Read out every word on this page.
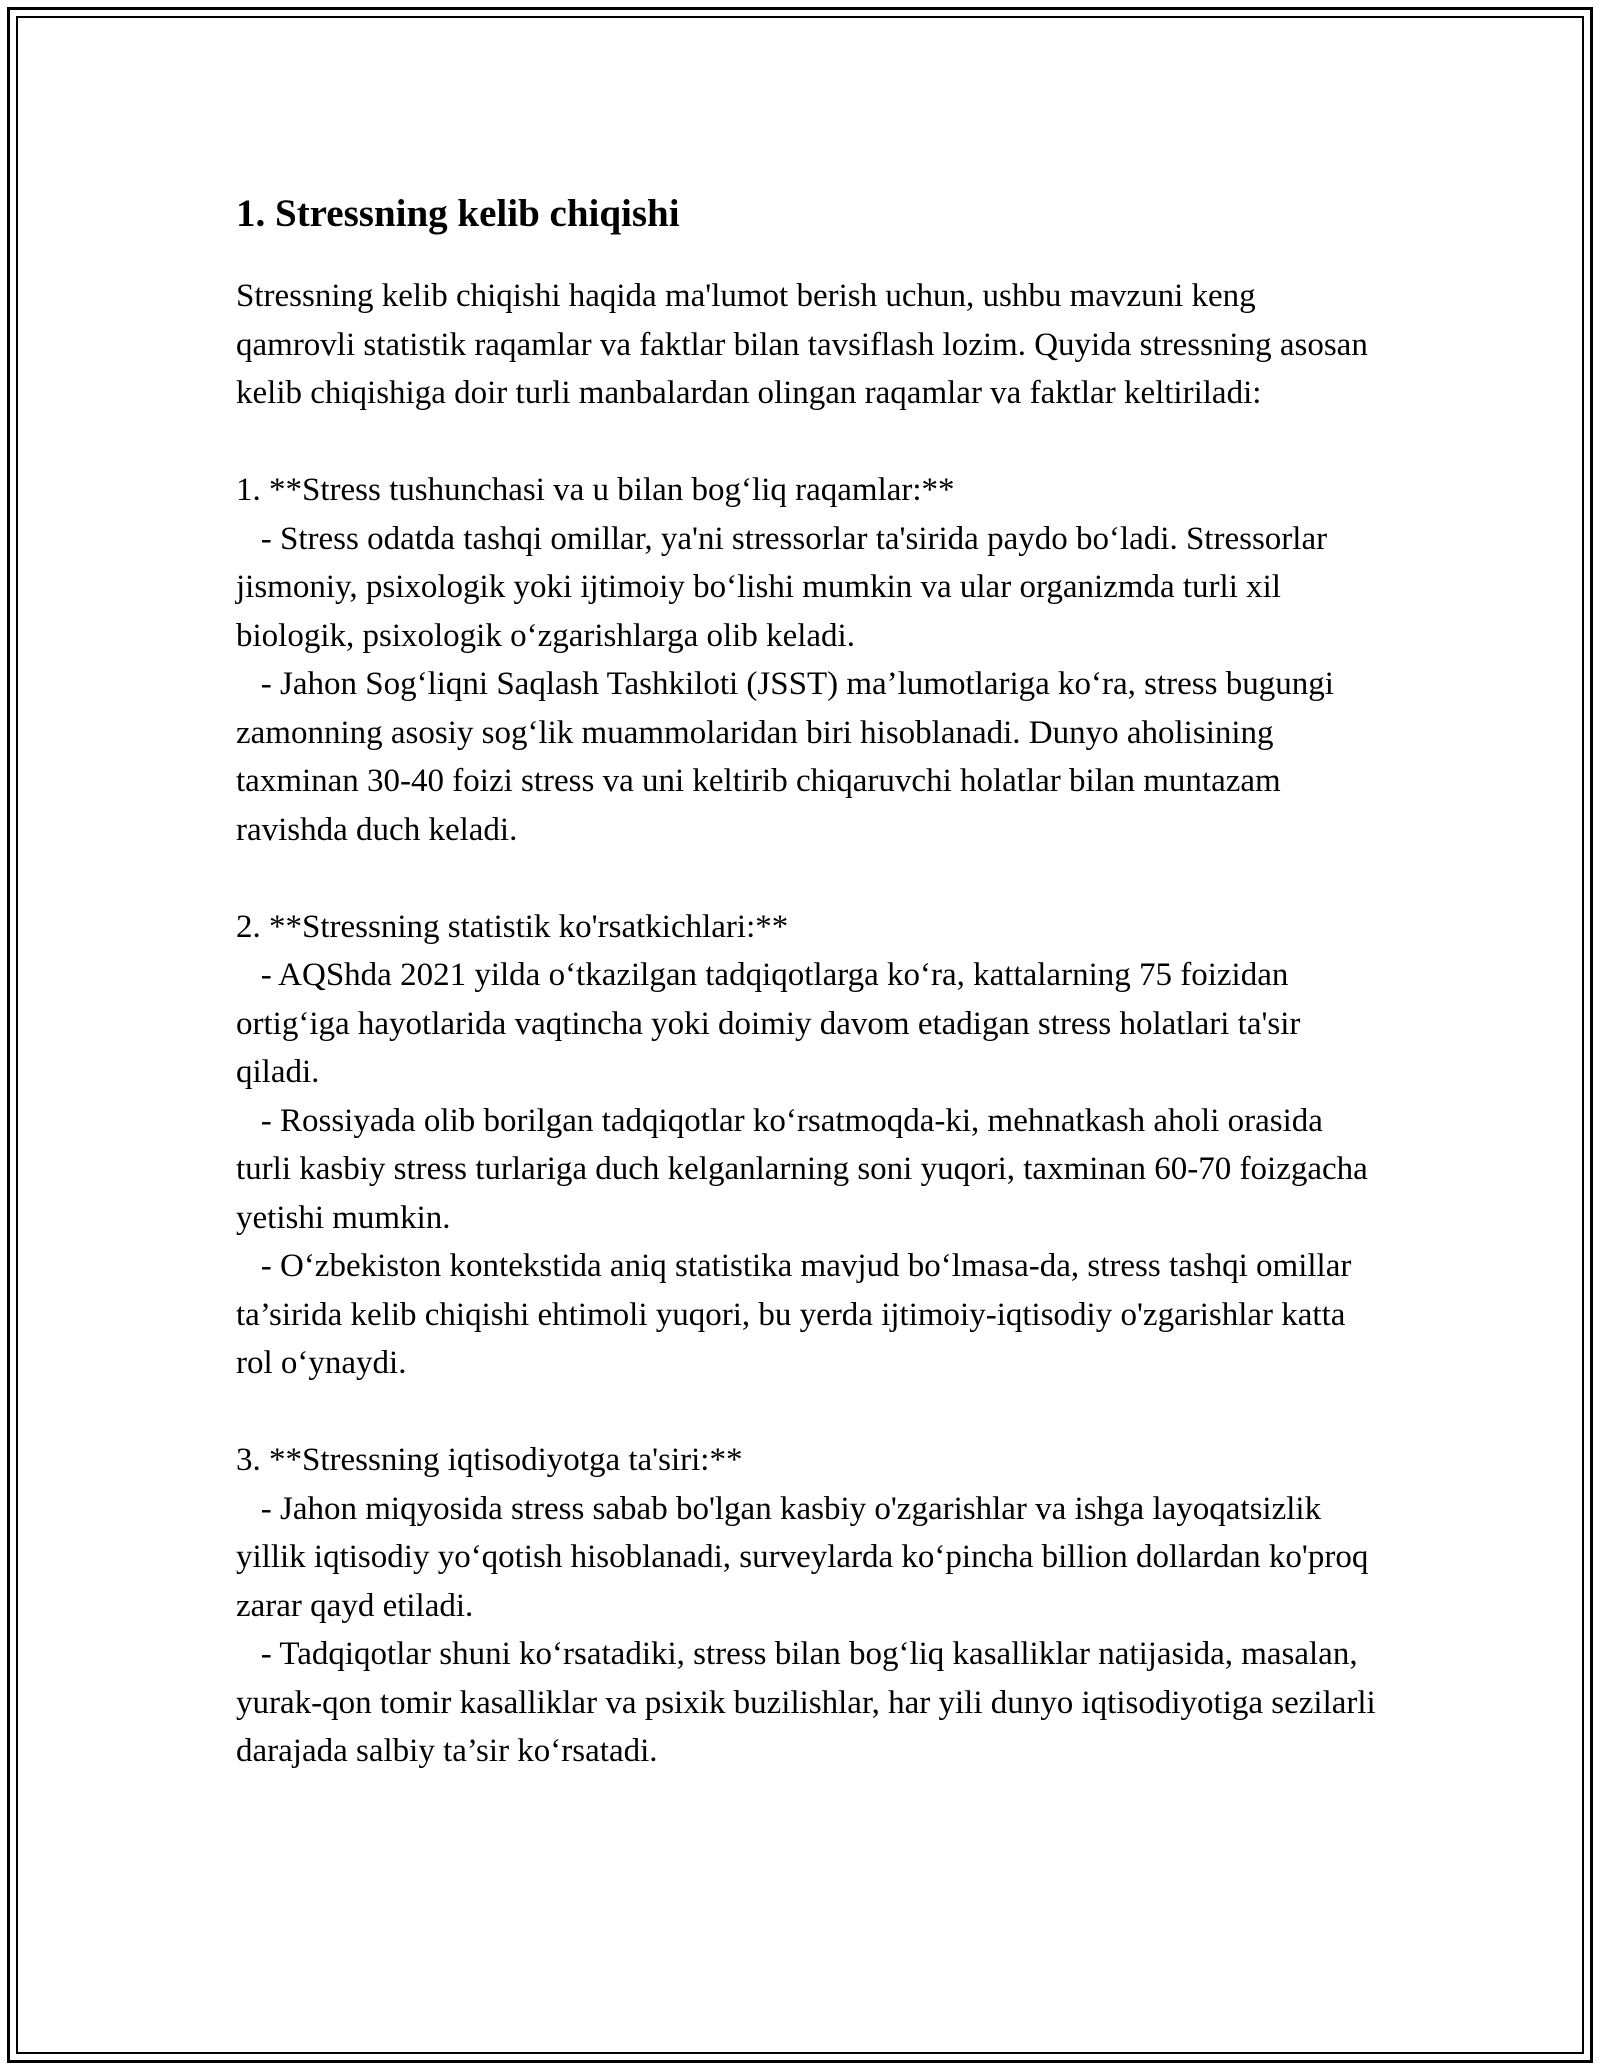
1. Stressning kelib chiqishi

Stressning kelib chiqishi haqida ma'lumot berish uchun, ushbu mavzuni keng qamrovli statistik raqamlar va faktlar bilan tavsiflash lozim. Quyida stressning asosan kelib chiqishiga doir turli manbalardan olingan raqamlar va faktlar keltiriladi:

1. **Stress tushunchasi va u bilan bog‘liq raqamlar:**

- Stress odatda tashqi omillar, ya'ni stressorlar ta'sirida paydo bo‘ladi. Stressorlar jismoniy, psixologik yoki ijtimoiy bo‘lishi mumkin va ular organizmda turli xil biologik, psixologik o‘zgarishlarga olib keladi.

- Jahon Sog‘liqni Saqlash Tashkiloti (JSST) ma’lumotlariga ko‘ra, stress bugungi zamonning asosiy sog‘lik muammolaridan biri hisoblanadi. Dunyo aholisining taxminan 30-40 foizi stress va uni keltirib chiqaruvchi holatlar bilan muntazam ravishda duch keladi.

2. **Stressning statistik ko'rsatkichlari:**

- AQShda 2021 yilda o‘tkazilgan tadqiqotlarga ko‘ra, kattalarning 75 foizidan ortig‘iga hayotlarida vaqtincha yoki doimiy davom etadigan stress holatlari ta'sir qiladi.

- Rossiyada olib borilgan tadqiqotlar ko‘rsatmoqda-ki, mehnatkash aholi orasida turli kasbiy stress turlariga duch kelganlarning soni yuqori, taxminan 60-70 foizgacha yetishi mumkin.

- O‘zbekiston kontekstida aniq statistika mavjud bo‘lmasa-da, stress tashqi omillar ta’sirida kelib chiqishi ehtimoli yuqori, bu yerda ijtimoiy-iqtisodiy o'zgarishlar katta rol o‘ynaydi.

3. **Stressning iqtisodiyotga ta'siri:**

- Jahon miqyosida stress sabab bo'lgan kasbiy o'zgarishlar va ishga layoqatsizlik yillik iqtisodiy yo‘qotish hisoblanadi, surveylarda ko‘pincha billion dollardan ko'proq zarar qayd etiladi.

- Tadqiqotlar shuni ko‘rsatadiki, stress bilan bog‘liq kasalliklar natijasida, masalan, yurak-qon tomir kasalliklar va psixik buzilishlar, har yili dunyo iqtisodiyotiga sezilarli darajada salbiy ta’sir ko‘rsatadi.
